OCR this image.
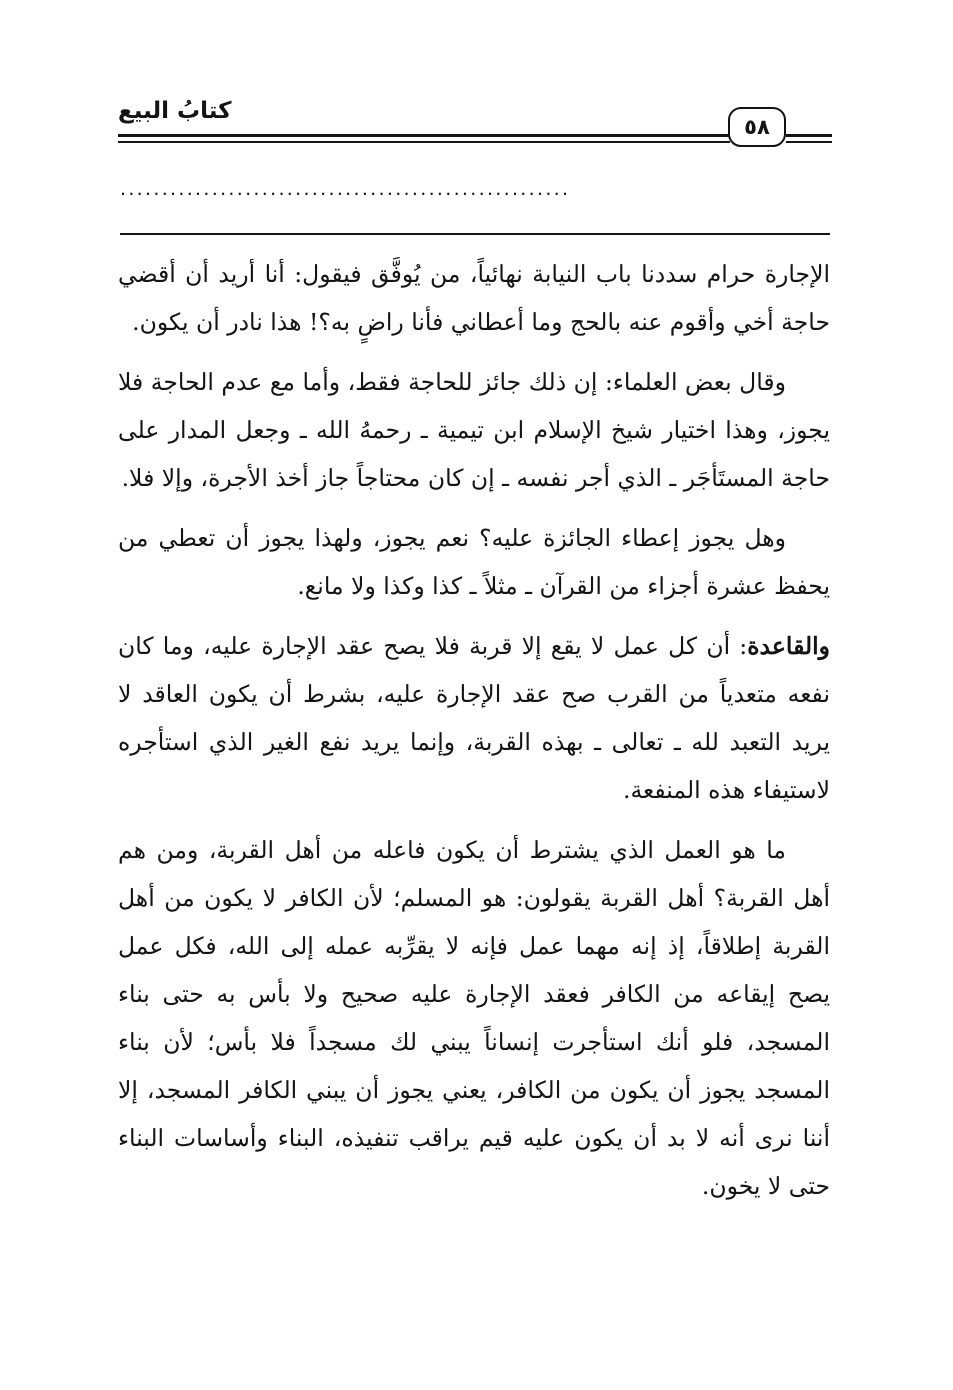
كتابُ البيع
٥٨
......................................................

الإجارة حرام سددنا باب النيابة نهائياً، من يُوفَّق فيقول: أنا أريد أن أقضي حاجة أخي وأقوم عنه بالحج وما أعطاني فأنا راضٍ به؟! هذا نادر أن يكون.

وقال بعض العلماء: إن ذلك جائز للحاجة فقط، وأما مع عدم الحاجة فلا يجوز، وهذا اختيار شيخ الإسلام ابن تيمية ـ رحمهُ الله ـ وجعل المدار على حاجة المستَأجَر ـ الذي أجر نفسه ـ إن كان محتاجاً جاز أخذ الأجرة، وإلا فلا.

وهل يجوز إعطاء الجائزة عليه؟ نعم يجوز، ولهذا يجوز أن تعطي من يحفظ عشرة أجزاء من القرآن ـ مثلاً ـ كذا وكذا ولا مانع.

والقاعدة: أن كل عمل لا يقع إلا قربة فلا يصح عقد الإجارة عليه، وما كان نفعه متعدياً من القرب صح عقد الإجارة عليه، بشرط أن يكون العاقد لا يريد التعبد لله ـ تعالى ـ بهذه القربة، وإنما يريد نفع الغير الذي استأجره لاستيفاء هذه المنفعة.

ما هو العمل الذي يشترط أن يكون فاعله من أهل القربة، ومن هم أهل القربة؟ أهل القربة يقولون: هو المسلم؛ لأن الكافر لا يكون من أهل القربة إطلاقاً، إذ إنه مهما عمل فإنه لا يقرِّبه عمله إلى الله، فكل عمل يصح إيقاعه من الكافر فعقد الإجارة عليه صحيح ولا بأس به حتى بناء المسجد، فلو أنك استأجرت إنساناً يبني لك مسجداً فلا بأس؛ لأن بناء المسجد يجوز أن يكون من الكافر، يعني يجوز أن يبني الكافر المسجد، إلا أننا نرى أنه لا بد أن يكون عليه قيم يراقب تنفيذه، البناء وأساسات البناء حتى لا يخون.
